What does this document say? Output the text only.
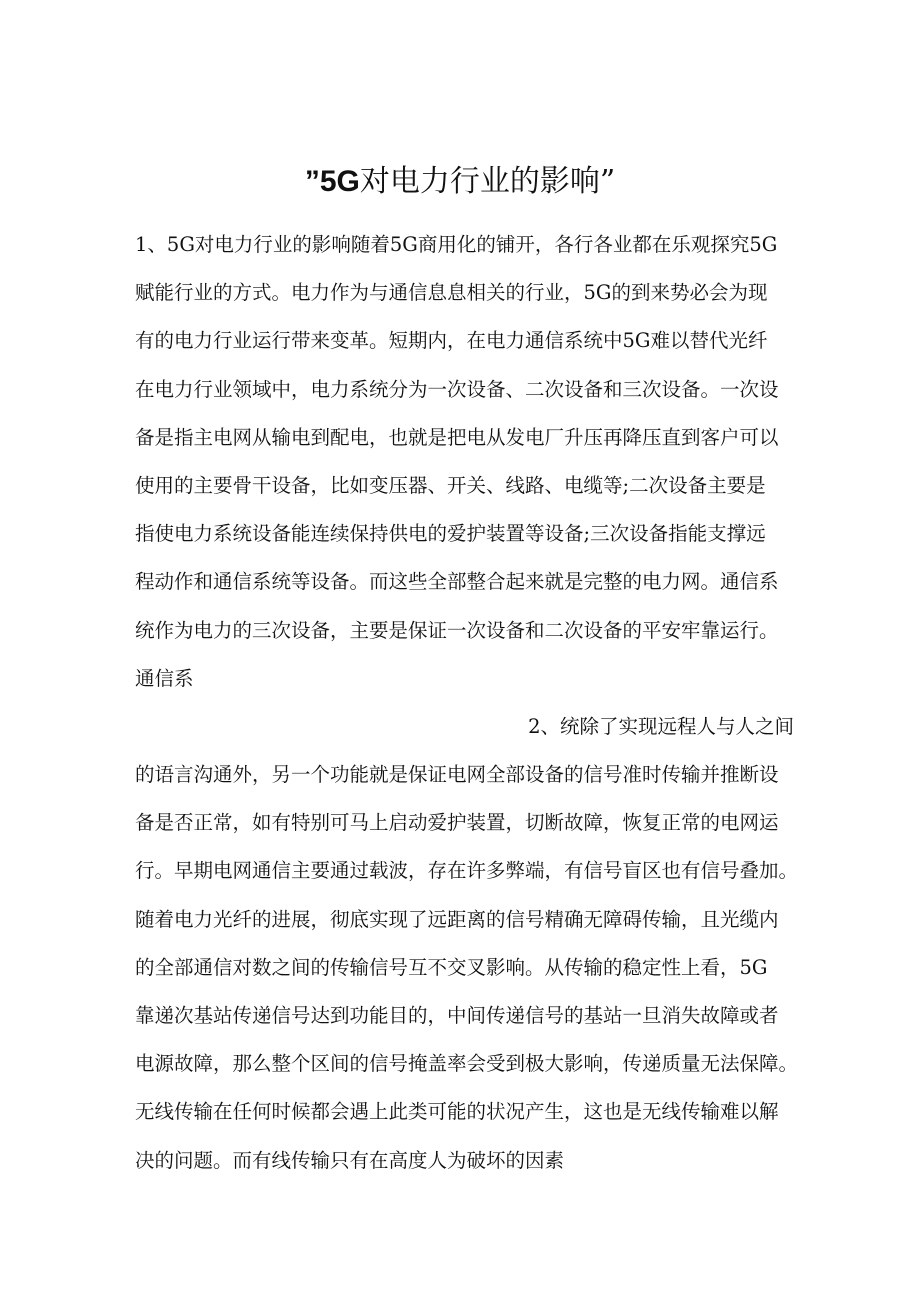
”5G对电力行业的影响”
1、5G对电力行业的影响随着5G商用化的铺开，各行各业都在乐观探究5G
赋能行业的方式。电力作为与通信息息相关的行业，5G的到来势必会为现
有的电力行业运行带来变革。短期内，在电力通信系统中5G难以替代光纤
在电力行业领域中，电力系统分为一次设备、二次设备和三次设备。一次设
备是指主电网从输电到配电，也就是把电从发电厂升压再降压直到客户可以
使用的主要骨干设备，比如变压器、开关、线路、电缆等;二次设备主要是
指使电力系统设备能连续保持供电的爱护装置等设备;三次设备指能支撑远
程动作和通信系统等设备。而这些全部整合起来就是完整的电力网。通信系
统作为电力的三次设备，主要是保证一次设备和二次设备的平安牢靠运行。
通信系
2、统除了实现远程人与人之间
的语言沟通外，另一个功能就是保证电网全部设备的信号准时传输并推断设
备是否正常，如有特别可马上启动爱护装置，切断故障，恢复正常的电网运
行。早期电网通信主要通过载波，存在许多弊端，有信号盲区也有信号叠加。
随着电力光纤的进展，彻底实现了远距离的信号精确无障碍传输，且光缆内
的全部通信对数之间的传输信号互不交叉影响。从传输的稳定性上看，5G
靠递次基站传递信号达到功能目的，中间传递信号的基站一旦消失故障或者
电源故障，那么整个区间的信号掩盖率会受到极大影响，传递质量无法保障。
无线传输在任何时候都会遇上此类可能的状况产生，这也是无线传输难以解
决的问题。而有线传输只有在高度人为破坏的因素
